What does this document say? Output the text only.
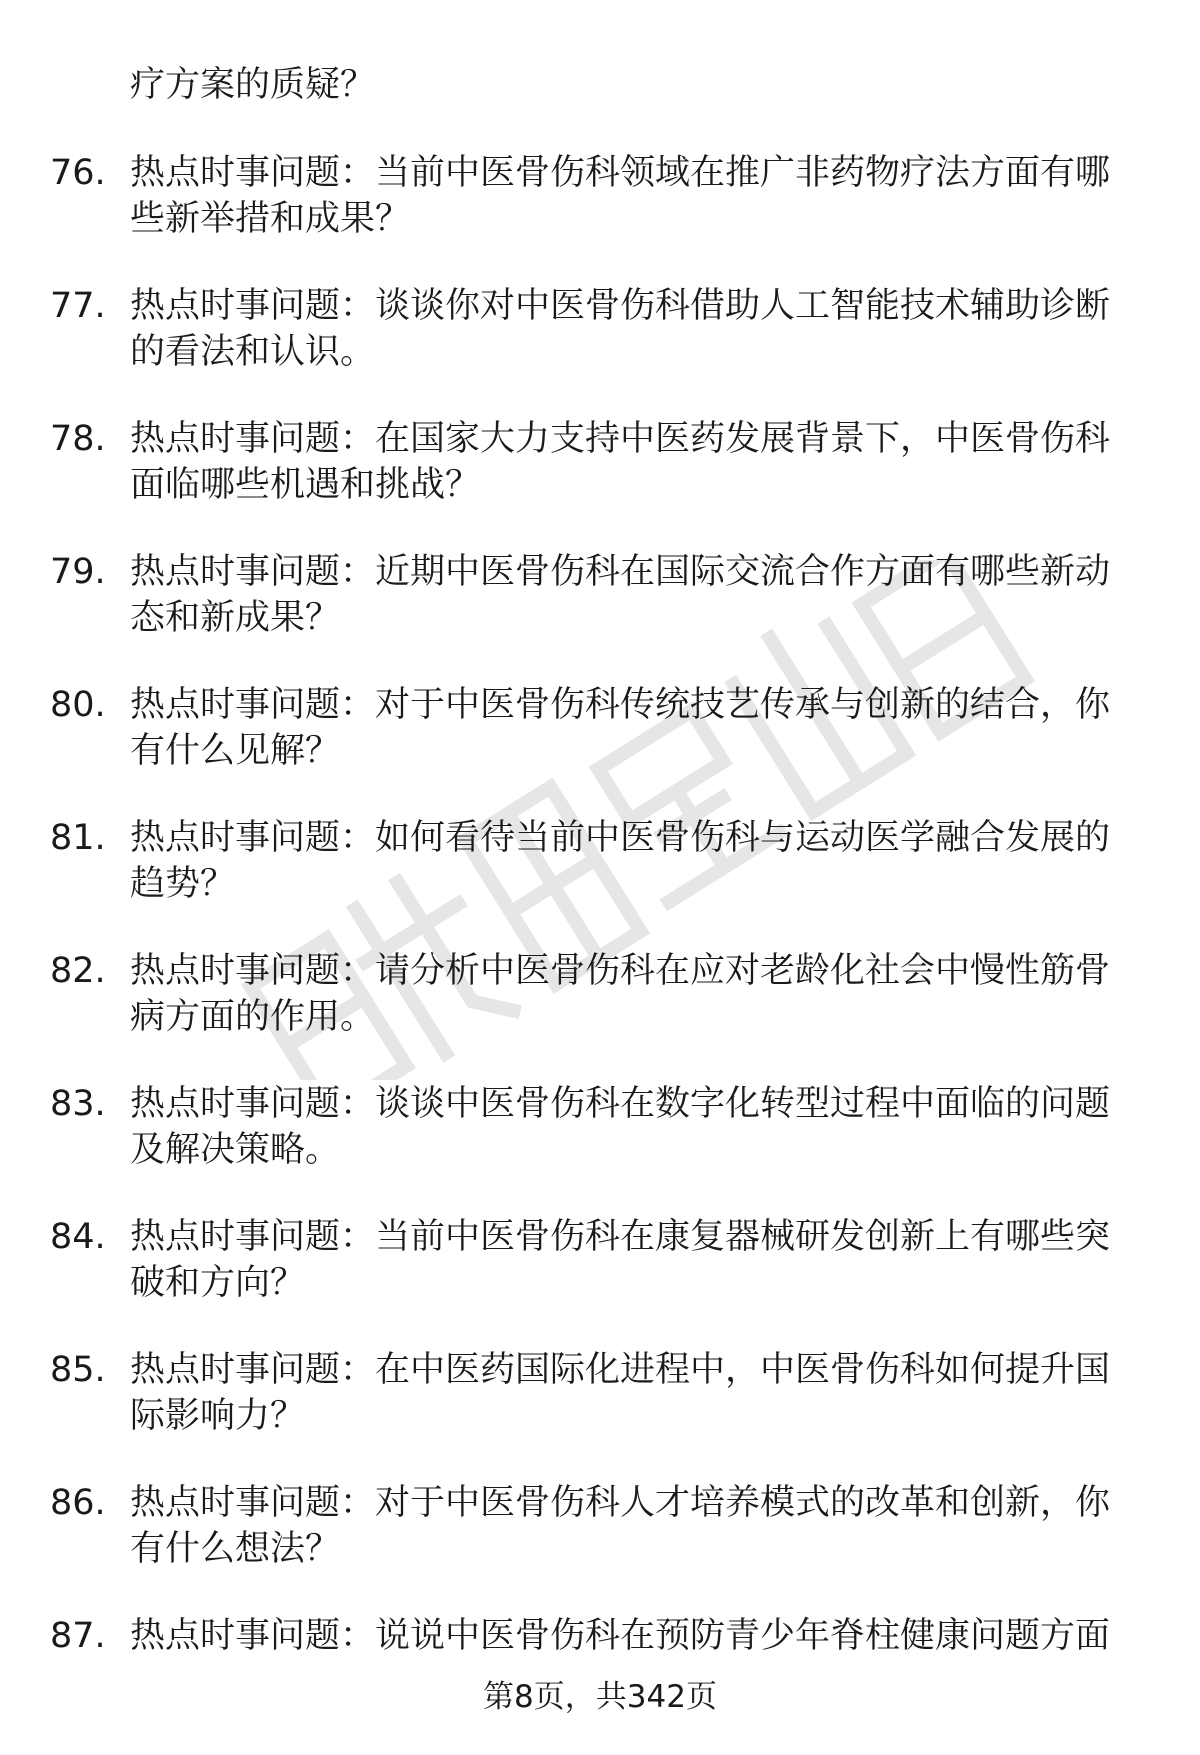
疗方案的质疑？
76. 热点时事问题：当前中医骨伤科领域在推广非药物疗法方面有哪
些新举措和成果？
77. 热点时事问题：谈谈你对中医骨伤科借助人工智能技术辅助诊断
的看法和认识。
78. 热点时事问题：在国家大力支持中医药发展背景下，中医骨伤科
面临哪些机遇和挑战？
79. 热点时事问题：近期中医骨伤科在国际交流合作方面有哪些新动
态和新成果？
80. 热点时事问题：对于中医骨伤科传统技艺传承与创新的结合，你
有什么见解？
81. 热点时事问题：如何看待当前中医骨伤科与运动医学融合发展的
趋势？
82. 热点时事问题：请分析中医骨伤科在应对老龄化社会中慢性筋骨
病方面的作用。
83. 热点时事问题：谈谈中医骨伤科在数字化转型过程中面临的问题
及解决策略。
84. 热点时事问题：当前中医骨伤科在康复器械研发创新上有哪些突
破和方向？
85. 热点时事问题：在中医药国际化进程中，中医骨伤科如何提升国
际影响力？
86. 热点时事问题：对于中医骨伤科人才培养模式的改革和创新，你
有什么想法？
87. 热点时事问题：说说中医骨伤科在预防青少年脊柱健康问题方面
第8页，共342页
